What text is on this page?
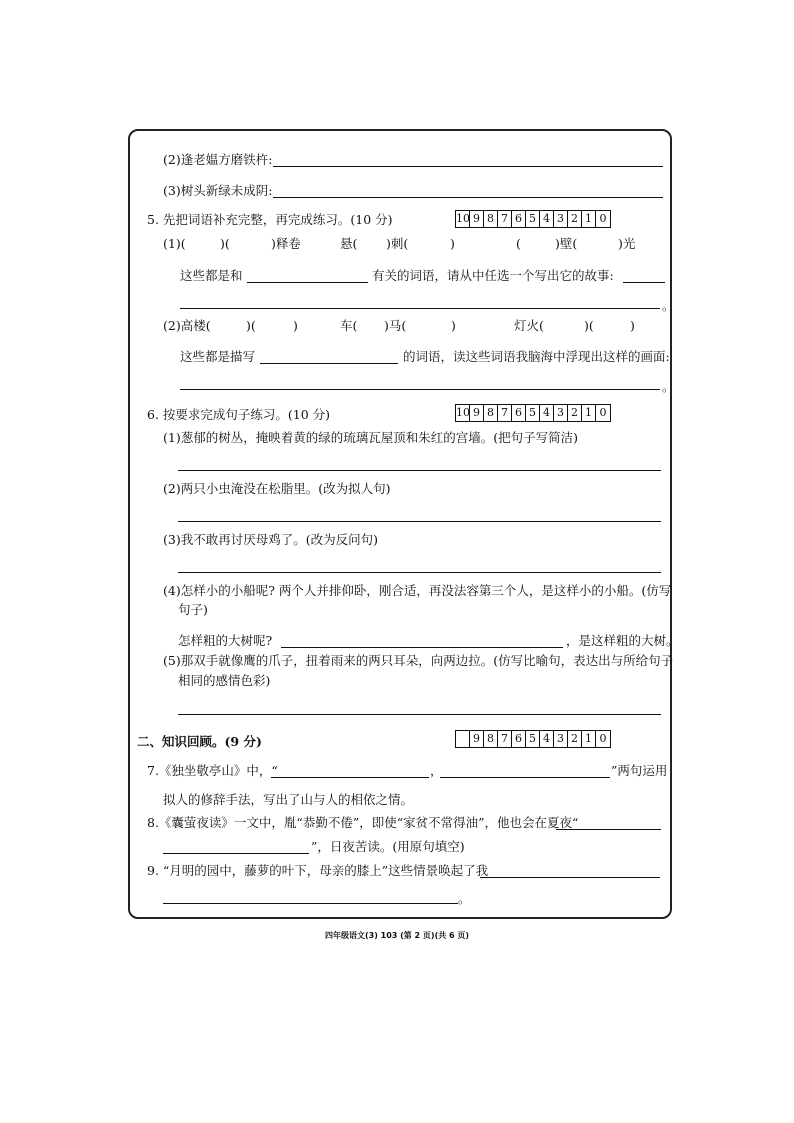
(2)逢老媪方磨铁杵:
(3)树头新绿未成阴:
5. 先把词语补充完整，再完成练习。(10 分)	10 9 8 7 6 5 4 3 2 1 0
(1)(	)(	)释卷	悬( )刺(	)	(	)壁(	)光
这些都是和	有关的词语，请从中任选一个写出它的故事:
。
(2)高楼(	)(	)	车( )马(	)	灯火(	)(	)
这些都是描写	的词语，读这些词语我脑海中浮现出这样的画面:
。
6. 按要求完成句子练习。(10 分)	10 9 8 7 6 5 4 3 2 1 0
(1)葱郁的树丛，掩映着黄的绿的琉璃瓦屋顶和朱红的宫墙。(把句子写简洁)
(2)两只小虫淹没在松脂里。(改为拟人句)
(3)我不敢再讨厌母鸡了。(改为反问句)
(4)怎样小的小船呢? 两个人并排仰卧，刚合适，再没法容第三个人，是这样小的小船。(仿写
句子)
怎样粗的大树呢?	，是这样粗的大树。
(5)那双手就像鹰的爪子，扭着雨来的两只耳朵，向两边拉。(仿写比喻句，表达出与所给句子
相同的感情色彩)
二、知识回顾。(9 分)	9 8 7 6 5 4 3 2 1 0
7.《独坐敬亭山》中，“	，	”两句运用
拟人的修辞手法，写出了山与人的相依之情。
8.《囊萤夜读》一文中，胤“恭勤不倦”，即使“家贫不常得油”，他也会在夏夜“
”，日夜苦读。(用原句填空)
9. “月明的园中，藤萝的叶下，母亲的膝上”这些情景唤起了我
。
四年级语文(3) 103 (第 2 页)(共 6 页)
